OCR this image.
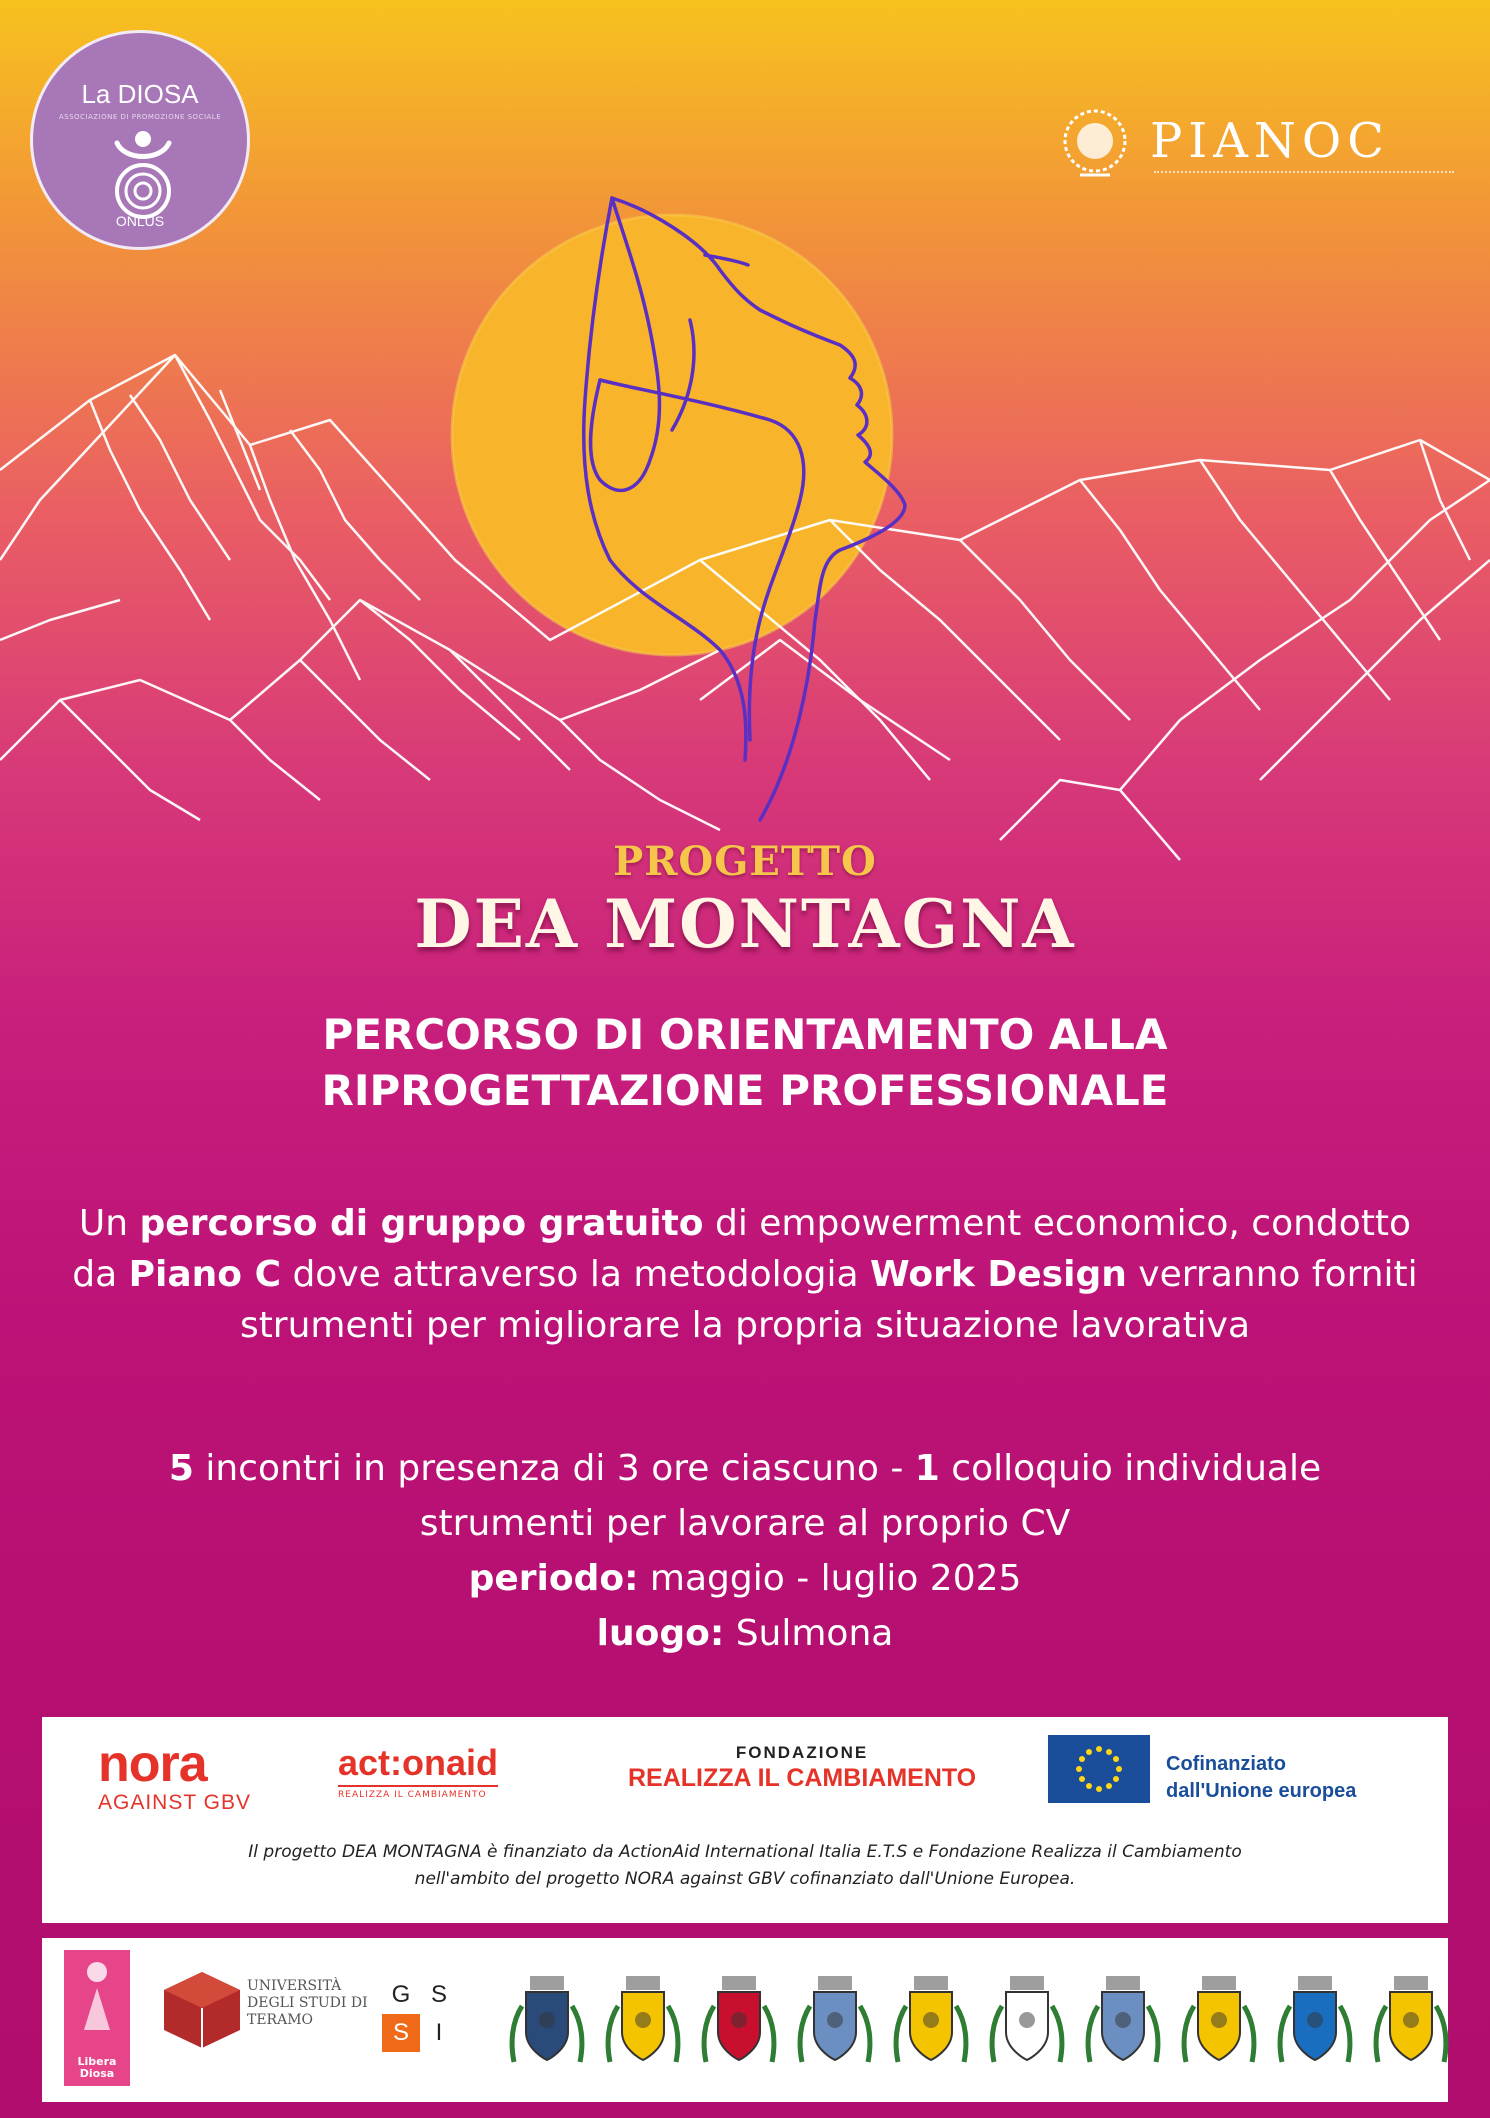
La DIOSA
ASSOCIAZIONE DI PROMOZIONE SOCIALE
ONLUS
PIANOC
PROGETTO
DEA MONTAGNA
PERCORSO DI ORIENTAMENTO ALLA
RIPROGETTAZIONE PROFESSIONALE
Un percorso di gruppo gratuito di empowerment economico, condotto da Piano C dove attraverso la metodologia Work Design verranno forniti strumenti per migliorare la propria situazione lavorativa
5 incontri in presenza di 3 ore ciascuno - 1 colloquio individuale
strumenti per lavorare al proprio CV
periodo: maggio - luglio 2025
luogo: Sulmona
nora
AGAINST GBV
act:onaid
REALIZZA IL CAMBIAMENTO
FONDAZIONE
REALIZZA IL CAMBIAMENTO	Cofinanziato
dall'Unione europea
Il progetto DEA MONTAGNA è finanziato da ActionAid International Italia E.T.S e Fondazione Realizza il Cambiamento
nell'ambito del progetto NORA against GBV cofinanziato dall'Unione Europea.
Libera Diosa
UNIVERSITÀ DEGLI STUDI DI TERAMO
G S
S	I
